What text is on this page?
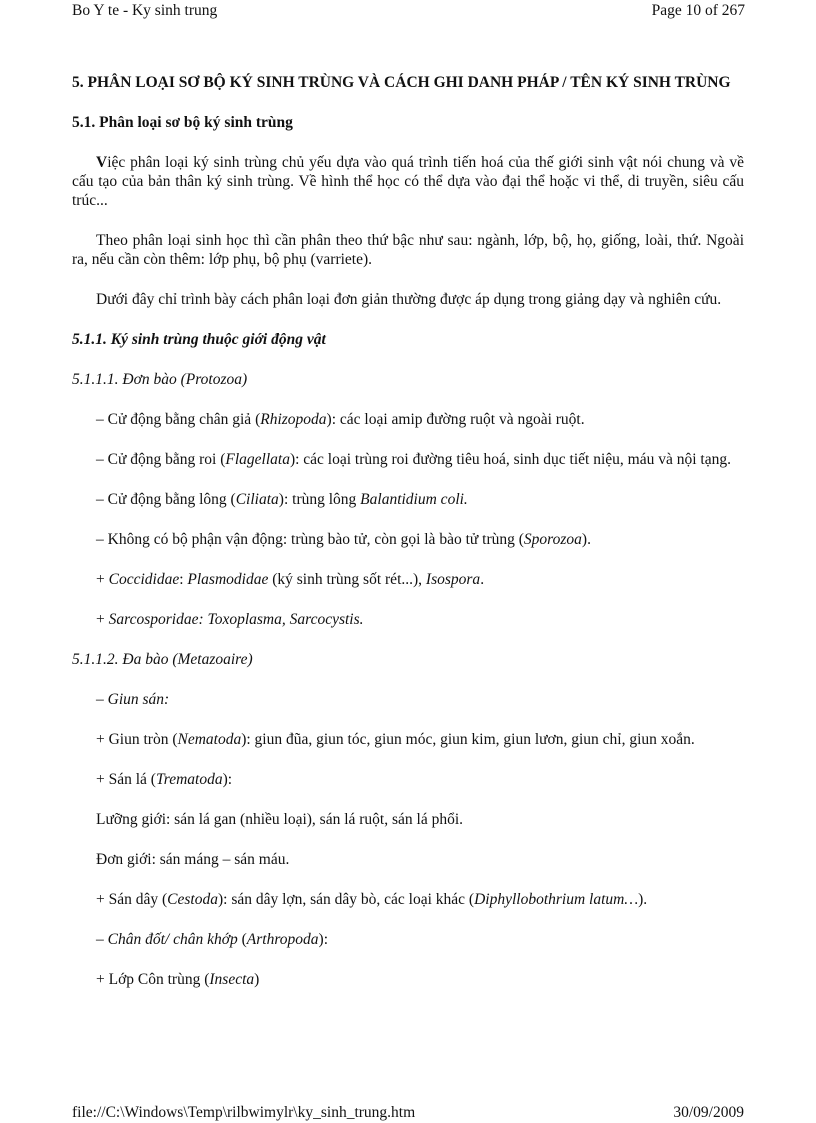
Bo Y te - Ky sinh trung	Page 10 of 267
5. PHÂN LOẠI SƠ BỘ KÝ SINH TRÙNG VÀ CÁCH GHI DANH PHÁP / TÊN KÝ SINH TRÙNG
5.1. Phân loại sơ bộ ký sinh trùng
Việc phân loại ký sinh trùng chủ yếu dựa vào quá trình tiến hoá của thế giới sinh vật nói chung và về cấu tạo của bản thân ký sinh trùng. Về hình thể học có thể dựa vào đại thể hoặc vi thể, di truyền, siêu cấu trúc...
Theo phân loại sinh học thì cần phân theo thứ bậc như sau: ngành, lớp, bộ, họ, giống, loài, thứ. Ngoài ra, nếu cần còn thêm: lớp phụ, bộ phụ (varriete).
Dưới đây chỉ trình bày cách phân loại đơn giản thường được áp dụng trong giảng dạy và nghiên cứu.
5.1.1. Ký sinh trùng thuộc giới động vật
5.1.1.1. Đơn bào (Protozoa)
– Cử động bằng chân giả (Rhizopoda): các loại amip đường ruột và ngoài ruột.
– Cử động bằng roi (Flagellata): các loại trùng roi đường tiêu hoá, sinh dục tiết niệu, máu và nội tạng.
– Cử động bằng lông (Ciliata): trùng lông Balantidium coli.
– Không có bộ phận vận động: trùng bào tử, còn gọi là bào tử trùng (Sporozoa).
+ Coccididae: Plasmodidae (ký sinh trùng sốt rét...), Isospora.
+ Sarcosporidae: Toxoplasma, Sarcocystis.
5.1.1.2. Đa bào (Metazoaire)
– Giun sán:
+ Giun tròn (Nematoda): giun đũa, giun tóc, giun móc, giun kim, giun lươn, giun chỉ, giun xoắn.
+ Sán lá (Trematoda):
Lưỡng giới: sán lá gan (nhiều loại), sán lá ruột, sán lá phổi.
Đơn giới: sán máng – sán máu.
+ Sán dây (Cestoda): sán dây lợn, sán dây bò, các loại khác (Diphyllobothrium latum…).
– Chân đốt/ chân khớp (Arthropoda):
+ Lớp Côn trùng (Insecta)
file://C:\Windows\Temp\rilbwimylr\ky_sinh_trung.htm	30/09/2009
